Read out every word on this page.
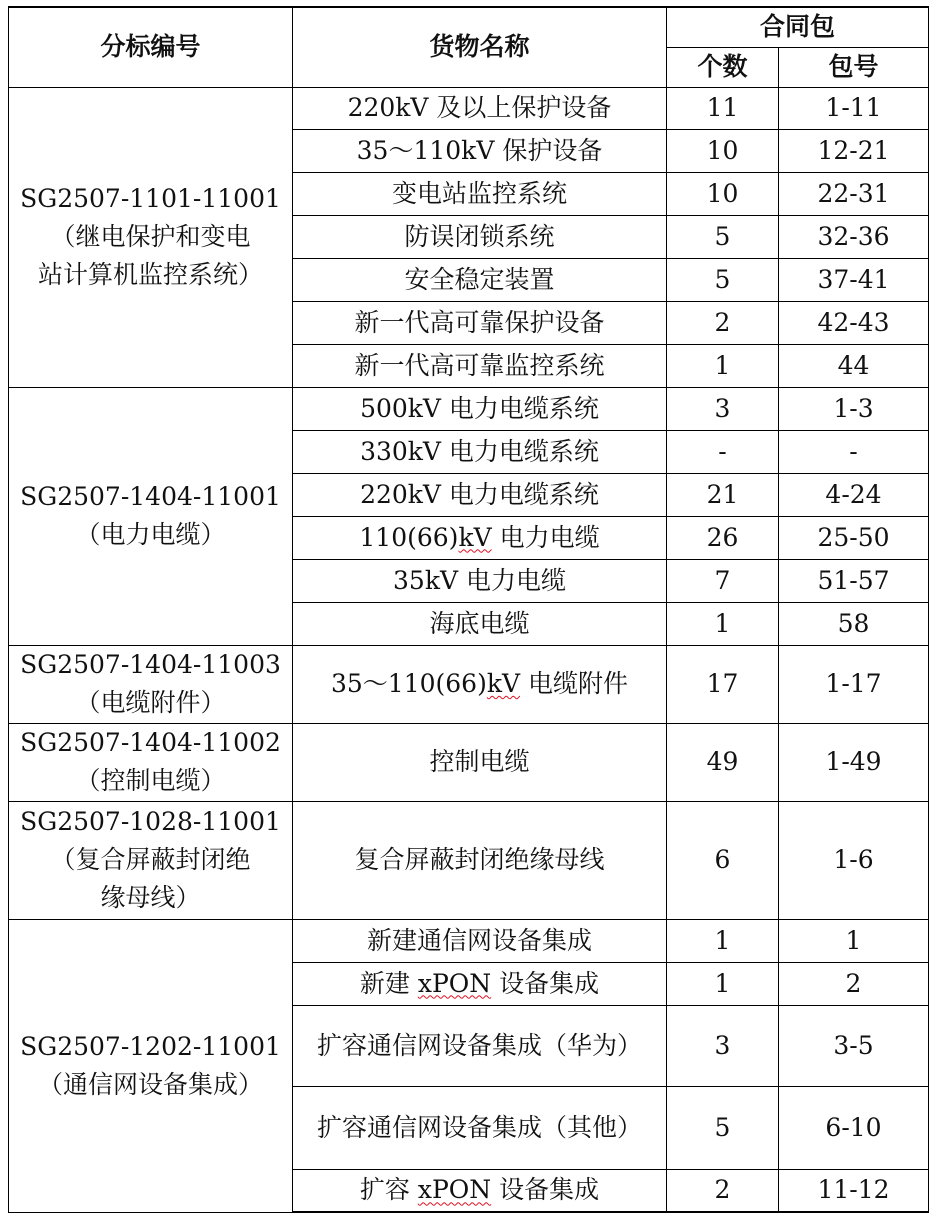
分标编号	货物名称	合同包	
		个数	包号
SG2507-1101-11001
（继电保护和变电
站计算机监控系统）	220kV 及以上保护设备	11	1-11
	35～110kV 保护设备	10	12-21
	变电站监控系统	10	22-31
	防误闭锁系统	5	32-36
	安全稳定装置	5	37-41
	新一代高可靠保护设备	2	42-43
	新一代高可靠监控系统	1	44
SG2507-1404-11001
（电力电缆）	500kV 电力电缆系统	3	1-3
	330kV 电力电缆系统	-	-
	220kV 电力电缆系统	21	4-24
	110(66)kV 电力电缆	26	25-50
	35kV 电力电缆	7	51-57
	海底电缆	1	58
SG2507-1404-11003
（电缆附件）	35～110(66)kV 电缆附件	17	1-17
SG2507-1404-11002
（控制电缆）	控制电缆	49	1-49
SG2507-1028-11001
（复合屏蔽封闭绝
缘母线）	复合屏蔽封闭绝缘母线	6	1-6
SG2507-1202-11001
（通信网设备集成）	新建通信网设备集成	1	1
	新建 xPON 设备集成	1	2
	扩容通信网设备集成（华为）	3	3-5
	扩容通信网设备集成（其他）	5	6-10
	扩容 xPON 设备集成	2	11-12
